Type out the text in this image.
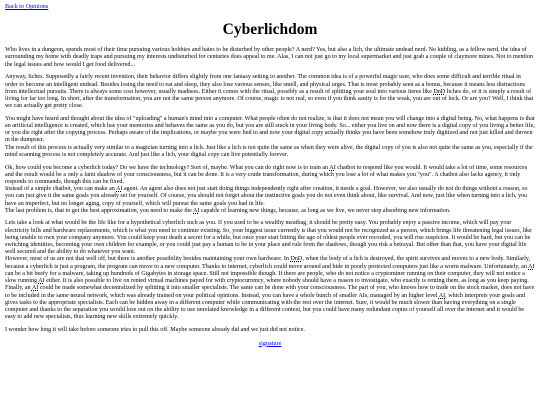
Back to Opinions
Cyberlichdom

Who lives in a dungeon, spends most of their time pursuing various hobbies and hates to be disturbed by other people? A nerd? Yes, but also a lich, the ultimate undead nerd. No kidding, as a fellow nerd, the idea of surrounding my home with deadly traps and pursuing my interests undisturbed for centuries does appeal to me. Alas, I can not just go to my local supermarket and just grab a couple of claymore mines. Not to mention the legal issues and how would I get food delivered...

Anyway, liches. Supposedly a fairly recent invention, their behavior differs slightly from one fantasy setting to another. The common idea is of a powerful magic user, who does some difficult and terrible ritual in order to become an intelligent undead. Besides losing the need to eat and sleep, they also lose various senses, like smell, and physical urges. That is most probably seen as a bonus, because it means less distractions from intellectual pursuits. There is always some cost however, usually madness. Either it comes with the ritual, possibly as a result of splitting your soul into various items like DnD liches do, or it is simply a result of living for far too long. In short, after the transformation, you are not the same person anymore. Of course, magic is not real, so even if you think sanity is for the weak, you are out of luck. Or are you? Well, I think that we can actually get pretty close.

You might have heard and thought about the idea of "uploading" a human's mind into a computer. What people often do not realize, is that it does not mean you will change into a digital being. No, what happens is that an artificial intelligence is created, which has your memories and behaves the same as you do, but you are still stuck in your living body. So... either you live on and now there is a digital copy of you living a better life, or you die right after the copying process. Perhaps aware of the implications, or maybe you were lied to and now your digital copy actually thinks you have been somehow truly digitized and not just killed and thrown in the dumpster.
The result of this process is actually very similar to a magician turning into a lich. Just like a lich is not quite the same as when they were alive, the digital copy of you is also not quite the same as you, especially if the mind scanning process is not completely accurate. And just like a lich, your digital copy can live potentially forever.

Ok, how could you become a cyberlich today? Do we have the technology? Sort of, maybe. What you can do right now is to train an AI chatbot to respond like you would. It would take a lot of time, some resources and the result would be a only a faint shadow of your consciousness, but it can be done. It is a very crude transformation, during which you lose a lot of what makes you "you". A chatbot also lacks agency, it only responds to commands, though this can be fixed.
Instead of a simple chatbot, you can make an AI agent. An agent also does not just start doing things independently right after creation, it needs a goal. However, we also usually do not do things without a reason, so you can just give it the same goals you already set for yourself. Of course, you should not forget about the instinctive goals you do not even think about, like survival. And now, just like when turning into a lich, you have an imperfect, but no longer aging, copy of yourself, which will pursue the same goals you had in life.
The last problem is, that to get the best approximation, you need to make the AI capable of learning new things, because, as long as we live, we never stop absorbing new information.

Lets take a look at what would be the life like for a hypothetical cyberlich such as you. If you used to be a wealthy meatbag, it should be pretty easy. You probably enjoy a passive income, which will pay your electricity bills and hardware replacements, which is what you need to continue existing. So, your biggest issue currently is that you would not be recognized as a person, which brings life threatening legal issues, like being unable to own your company anymore. You could keep your death a secret for a while, but once your start hitting the age of oldest people ever recorded, you will rise suspicion. It would be hard, but you can be switching identities, becoming your own children for example, or you could just pay a human to be in your place and rule from the shadows, though you risk a betrayal. But other than that, you have your digital life well secured and the ability to do whatever you want.
However, most of us are not that well off, but there is another possibility besides maintaining your own hardware. In DnD, when the body of a lich is destroyed, the spirit survives and moves to a new body. Similarly, because a cyberlich is just a program, the program can move to a new computer. Thanks to internet, cyberlich could move around and hide in poorly protected computers just like a worm malware. Unfortunately, an AI can be a bit beefy for a malware, taking up hundreds of Gigabytes in storage space. Still not impossible though. If there are people, who do not notice a cryptominer running on their computer, they will not notice a slow running AI either. It is also possible to live on rented virtual machines payed for with cryptocurrency, where nobody should have a reason to investigate, who exactly is renting them, as long as you keep paying. Finally, an AI could be made somewhat decentralized by splitting it into smaller specialists. The same can be done with your consciousness. The part of you, who knows how to trade on the stock market, does not have to be included in the same neural network, which was already trained on your political opinions. Instead, you can have a whole bunch of smaller AIs, managed by an higher level AI, which interprets your goals and gives tasks to the appropriate specialists. Each can be hidden away in a different computer while communicating with the rest over the internet. Sure, it would be much slower than having everything on a single computer and thanks to the separation you would lose out on the ability to use unrelated knowledge in a different context, but you could have many redundant copies of yourself all over the internet and it would be easy to add new specialists, thus learning new skills extremely quickly.

I wonder how long it will take before someone tries to pull this off. Maybe someone already did and we just did not notice.

signature
